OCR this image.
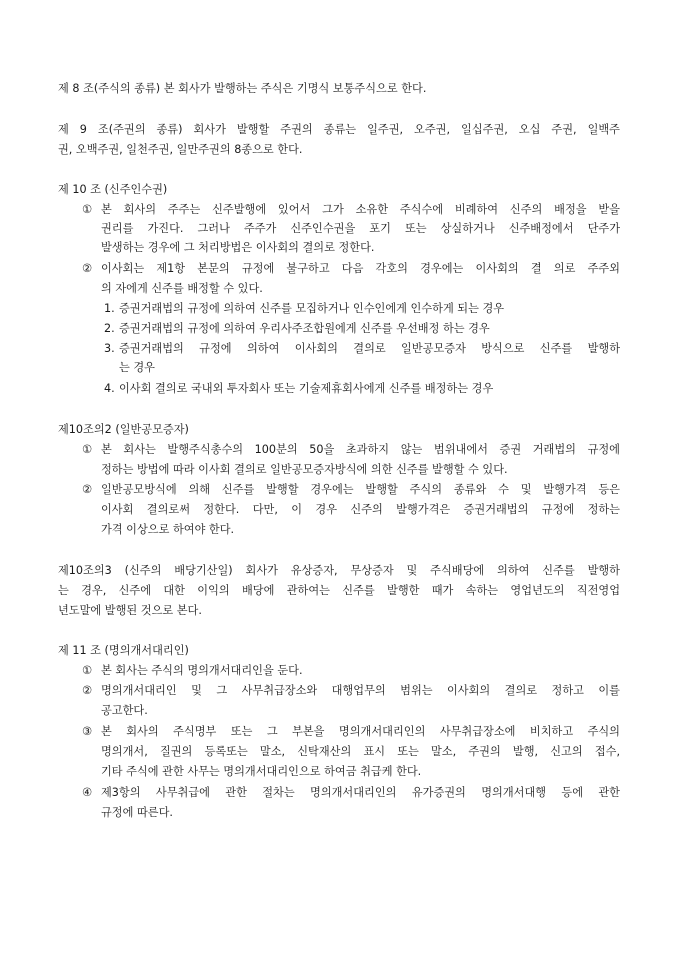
제 8 조(주식의 종류) 본 회사가 발행하는 주식은 기명식 보통주식으로 한다.
제 9 조(주권의 종류) 회사가 발행할 주권의 종류는 일주권, 오주권, 일십주권, 오십 주권, 일백주
권, 오백주권, 일천주권, 일만주권의 8종으로 한다.
제 10 조 (신주인수권)
① 본 회사의 주주는 신주발행에 있어서 그가 소유한 주식수에 비례하여 신주의 배정을 받을
권리를 가진다. 그러나 주주가 신주인수권을 포기 또는 상실하거나 신주배정에서 단주가
발생하는 경우에 그 처리방법은 이사회의 결의로 정한다.
② 이사회는 제1항 본문의 규정에 불구하고 다음 각호의 경우에는 이사회의 결 의로 주주외
의 자에게 신주를 배정할 수 있다.
1. 증권거래법의 규정에 의하여 신주를 모집하거나 인수인에게 인수하게 되는 경우
2. 증권거래법의 규정에 의하여 우리사주조합원에게 신주를 우선배정 하는 경우
3. 증권거래법의 규정에 의하여 이사회의 결의로 일반공모증자 방식으로 신주를 발행하
는 경우
4. 이사회 결의로 국내외 투자회사 또는 기술제휴회사에게 신주를 배정하는 경우
제10조의2 (일반공모증자)
① 본 회사는 발행주식총수의 100분의 50을 초과하지 않는 범위내에서 증권 거래법의 규정에
정하는 방법에 따라 이사회 결의로 일반공모증자방식에 의한 신주를 발행할 수 있다.
② 일반공모방식에 의해 신주를 발행할 경우에는 발행할 주식의 종류와 수 및 발행가격 등은
이사회 결의로써 정한다. 다만, 이 경우 신주의 발행가격은 증권거래법의 규정에 정하는
가격 이상으로 하여야 한다.
제10조의3 (신주의 배당기산일) 회사가 유상증자, 무상증자 및 주식배당에 의하여 신주를 발행하
는 경우, 신주에 대한 이익의 배당에 관하여는 신주를 발행한 때가 속하는 영업년도의 직전영업
년도말에 발행된 것으로 본다.
제 11 조 (명의개서대리인)
① 본 회사는 주식의 명의개서대리인을 둔다.
② 명의개서대리인 및 그 사무취급장소와 대행업무의 범위는 이사회의 결의로 정하고 이를
공고한다.
③ 본 회사의 주식명부 또는 그 부본을 명의개서대리인의 사무취급장소에 비치하고 주식의
명의개서, 질권의 등록또는 말소, 신탁재산의 표시 또는 말소, 주권의 발행, 신고의 접수,
기타 주식에 관한 사무는 명의개서대리인으로 하여금 취급케 한다.
④ 제3항의 사무취급에 관한 절차는 명의개서대리인의 유가증권의 명의개서대행 등에 관한
규정에 따른다.
